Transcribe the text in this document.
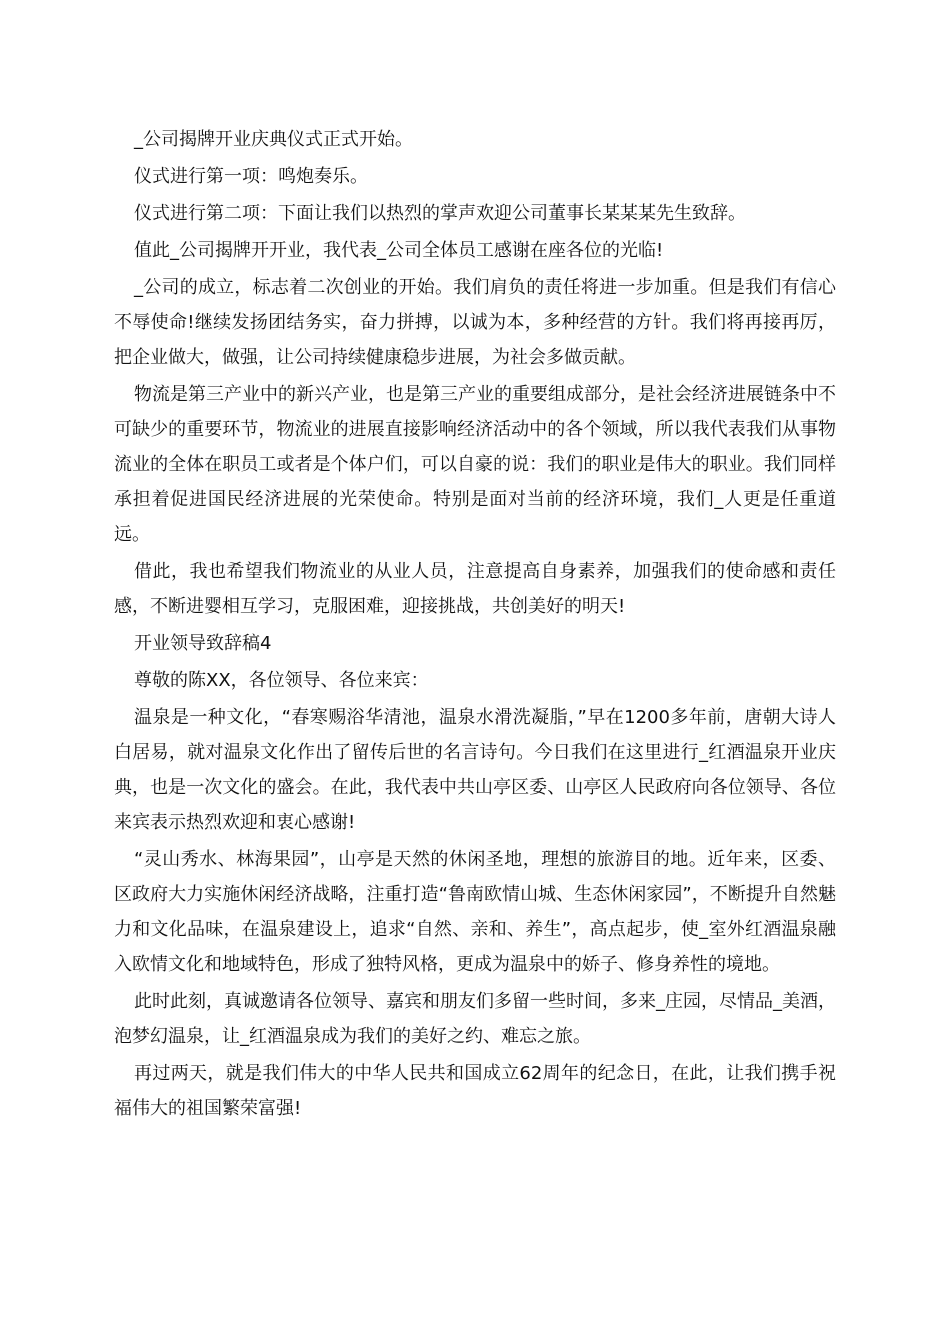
_公司揭牌开业庆典仪式正式开始。

仪式进行第一项：鸣炮奏乐。

仪式进行第二项：下面让我们以热烈的掌声欢迎公司董事长某某某先生致辞。

值此_公司揭牌开开业，我代表_公司全体员工感谢在座各位的光临!

_公司的成立，标志着二次创业的开始。我们肩负的责任将进一步加重。但是我们有信心不辱使命!继续发扬团结务实，奋力拼搏，以诚为本，多种经营的方针。我们将再接再厉，把企业做大，做强，让公司持续健康稳步进展，为社会多做贡献。

物流是第三产业中的新兴产业，也是第三产业的重要组成部分，是社会经济进展链条中不可缺少的重要环节，物流业的进展直接影响经济活动中的各个领域，所以我代表我们从事物流业的全体在职员工或者是个体户们，可以自豪的说：我们的职业是伟大的职业。我们同样承担着促进国民经济进展的光荣使命。特别是面对当前的经济环境，我们_人更是任重道远。

借此，我也希望我们物流业的从业人员，注意提高自身素养，加强我们的使命感和责任感，不断进婴相互学习，克服困难，迎接挑战，共创美好的明天!

开业领导致辞稿4

尊敬的陈XX，各位领导、各位来宾：

温泉是一种文化，“春寒赐浴华清池，温泉水滑洗凝脂，”早在1200多年前，唐朝大诗人白居易，就对温泉文化作出了留传后世的名言诗句。今日我们在这里进行_红酒温泉开业庆典，也是一次文化的盛会。在此，我代表中共山亭区委、山亭区人民政府向各位领导、各位来宾表示热烈欢迎和衷心感谢!

“灵山秀水、林海果园”，山亭是天然的休闲圣地，理想的旅游目的地。近年来，区委、区政府大力实施休闲经济战略，注重打造“鲁南欧情山城、生态休闲家园”，不断提升自然魅力和文化品味，在温泉建设上，追求“自然、亲和、养生”，高点起步，使_室外红酒温泉融入欧情文化和地域特色，形成了独特风格，更成为温泉中的娇子、修身养性的境地。

此时此刻，真诚邀请各位领导、嘉宾和朋友们多留一些时间，多来_庄园，尽情品_美酒，泡梦幻温泉，让_红酒温泉成为我们的美好之约、难忘之旅。

再过两天，就是我们伟大的中华人民共和国成立62周年的纪念日，在此，让我们携手祝福伟大的祖国繁荣富强!
